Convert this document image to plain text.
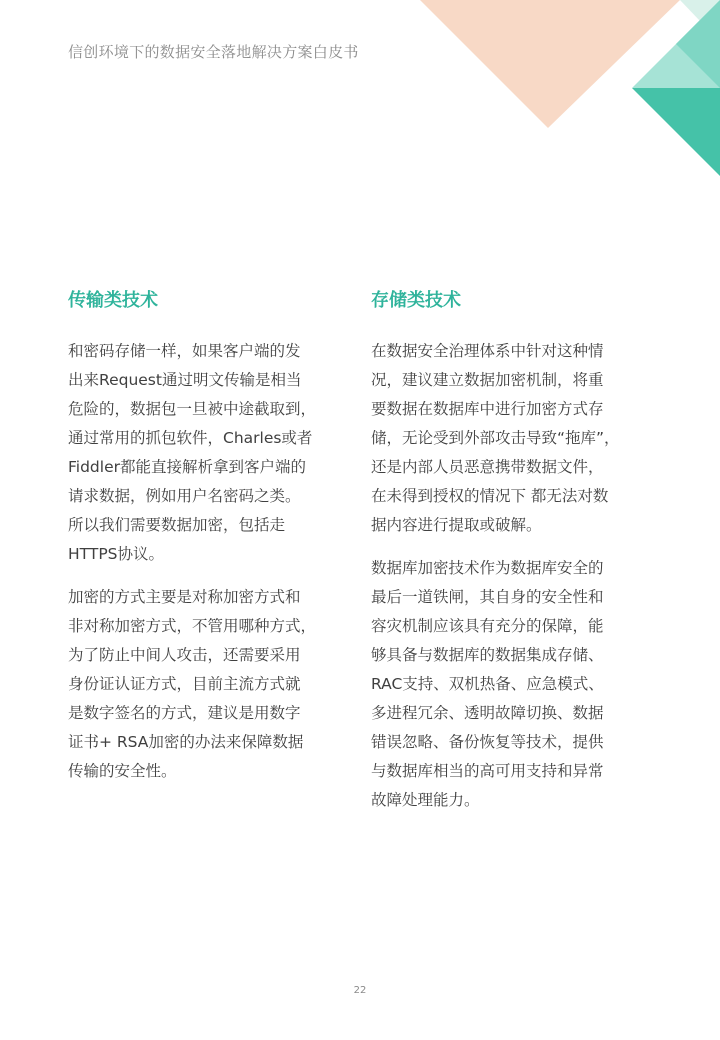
信创环境下的数据安全落地解决方案白皮书
传输类技术
和密码存储一样，如果客户端的发
出来Request通过明文传输是相当
危险的，数据包一旦被中途截取到，
通过常用的抓包软件，Charles或者
Fiddler都能直接解析拿到客户端的
请求数据，例如用户名密码之类。
所以我们需要数据加密，包括走
HTTPS协议。
加密的方式主要是对称加密方式和
非对称加密方式，不管用哪种方式，
为了防止中间人攻击，还需要采用
身份证认证方式，目前主流方式就
是数字签名的方式，建议是用数字
证书+ RSA加密的办法来保障数据
传输的安全性。
存储类技术
在数据安全治理体系中针对这种情
况，建议建立数据加密机制，将重
要数据在数据库中进行加密方式存
储，无论受到外部攻击导致“拖库”，
还是内部人员恶意携带数据文件，
在未得到授权的情况下 都无法对数
据内容进行提取或破解。
数据库加密技术作为数据库安全的
最后一道铁闸，其自身的安全性和
容灾机制应该具有充分的保障，能
够具备与数据库的数据集成存储、
RAC支持、双机热备、应急模式、
多进程冗余、透明故障切换、数据
错误忽略、备份恢复等技术，提供
与数据库相当的高可用支持和异常
故障处理能力。
22
